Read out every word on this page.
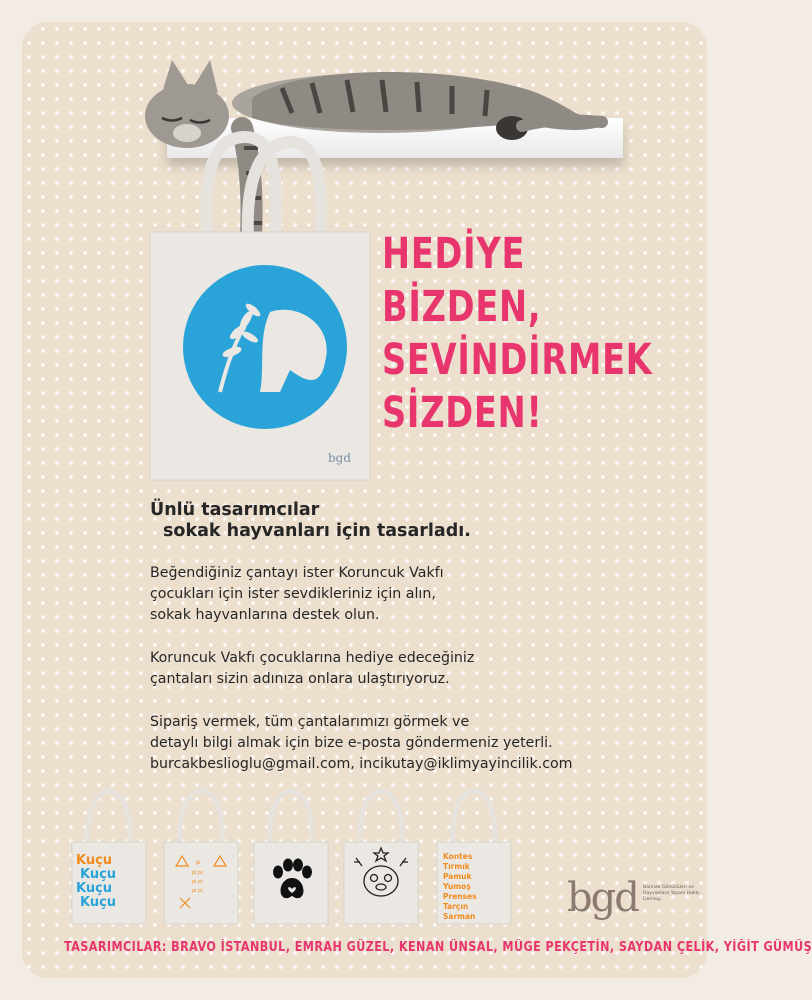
bgd
HEDİYE
BİZDEN,
SEVİNDİRMEK
SİZDEN!
Ünlü tasarımcılar
sokak hayvanları için tasarladı.
Beğendiğiniz çantayı ister Koruncuk Vakfı
çocukları için ister sevdikleriniz için alın,
sokak hayvanlarına destek olun.
Koruncuk Vakfı çocuklarına hediye edeceğiniz
çantaları sizin adınıza onlara ulaştırıyoruz.
Sipariş vermek, tüm çantalarımızı görmek ve
detaylı bilgi almak için bize e-posta göndermeniz yeterli.
burcakbeslioglu@gmail.com, incikutay@iklimyayincilik.com
Kuçu
Kuçu
Kuçu
Kuçu
pi
pi pi
pi pi
pi pi
Kontes
Tırmık
Pamuk
Yumoş
Prenses
Tarçın
Sarman bgd Barınak Gönüllüleri ve Hayvanlara Yaşam Hakkı Derneği
TASARIMCILAR: BRAVO İSTANBUL, EMRAH GÜZEL, KENAN ÜNSAL, MÜGE PEKÇETİN, SAYDAN ÇELİK, YİĞİT GÜMÜŞ
